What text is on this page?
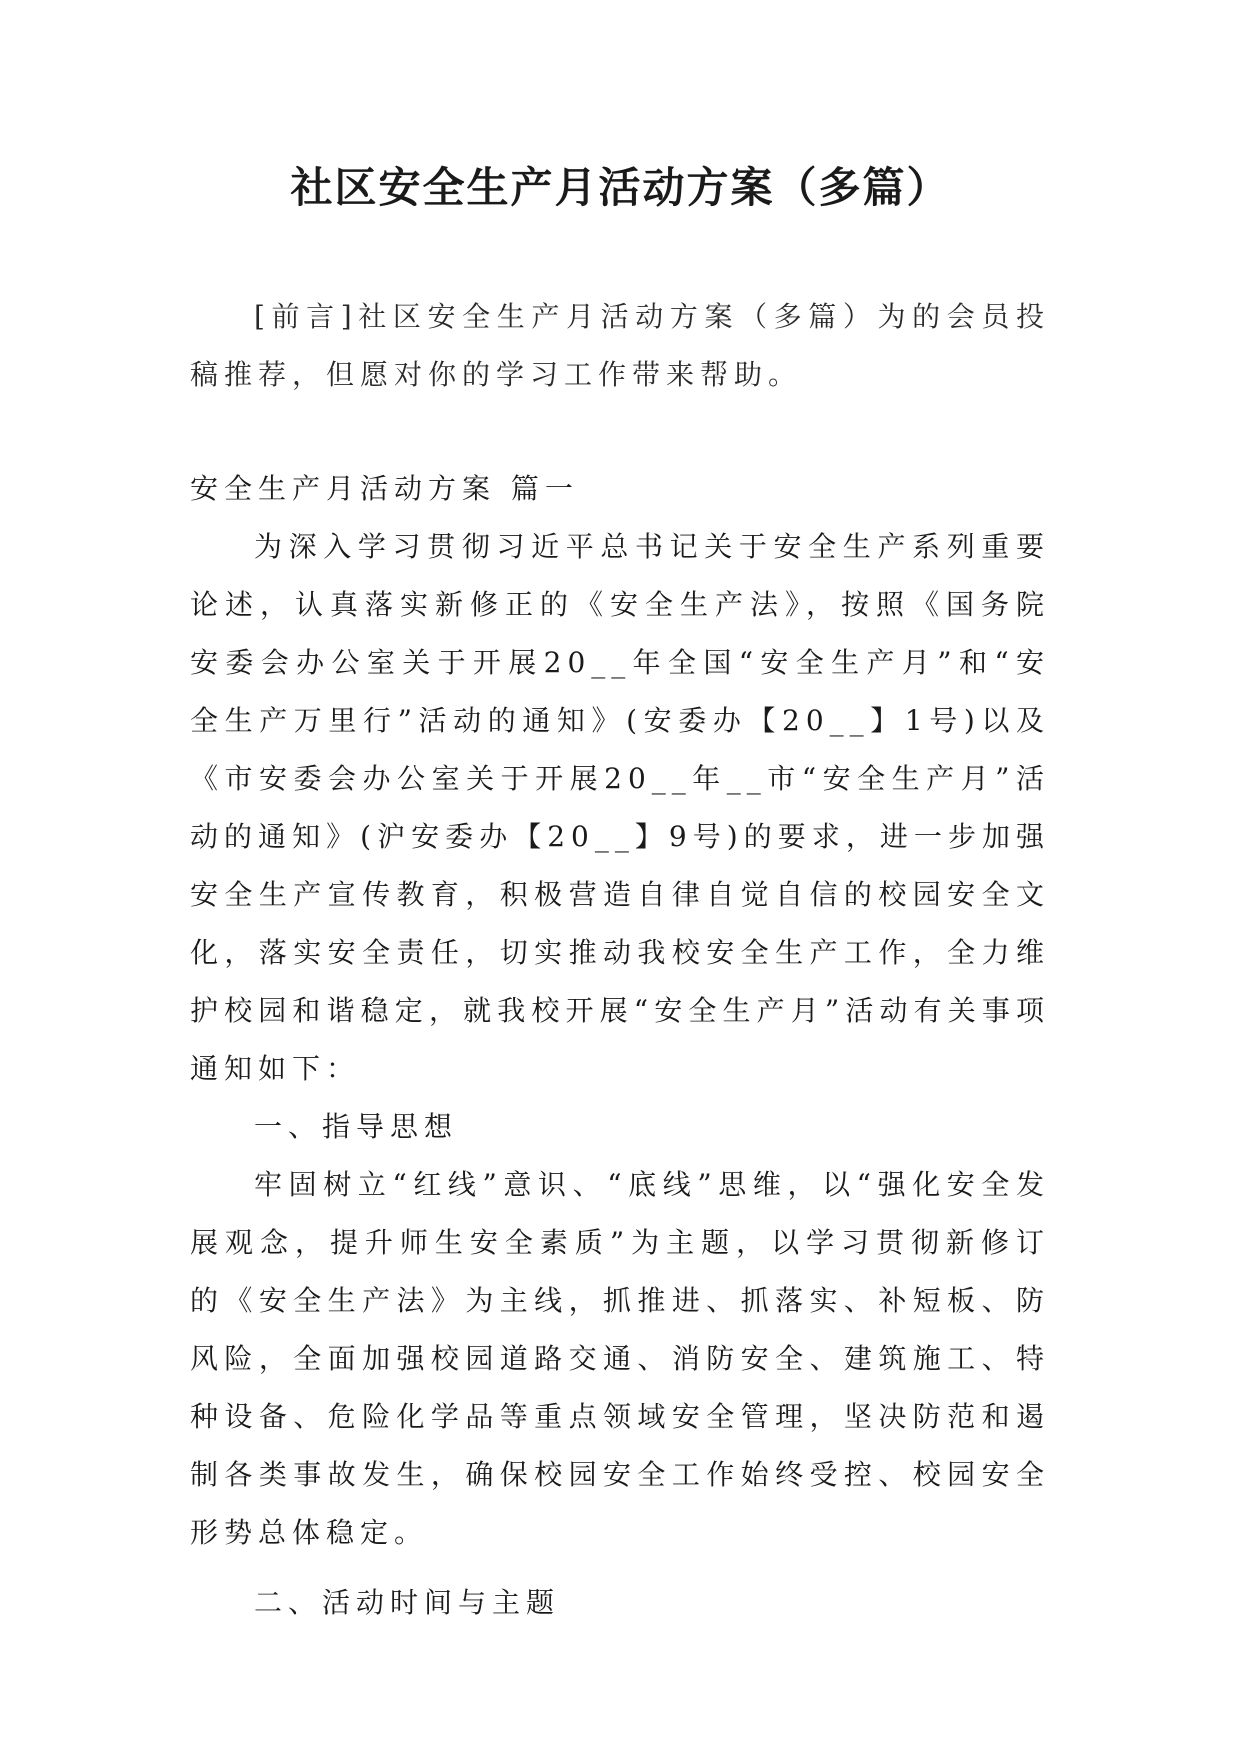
社区安全生产月活动方案（多篇）

[前言]社区安全生产月活动方案（多篇）为的会员投稿推荐，但愿对你的学习工作带来帮助。

安全生产月活动方案 篇一

为深入学习贯彻习近平总书记关于安全生产系列重要论述，认真落实新修正的《安全生产法》，按照《国务院安委会办公室关于开展20__年全国“安全生产月”和“安全生产万里行”活动的通知》(安委办【20__】1号)以及《市安委会办公室关于开展20__年__市“安全生产月”活动的通知》(沪安委办【20__】9号)的要求，进一步加强安全生产宣传教育，积极营造自律自觉自信的校园安全文化，落实安全责任，切实推动我校安全生产工作，全力维护校园和谐稳定，就我校开展“安全生产月”活动有关事项通知如下：

一、指导思想

牢固树立“红线”意识、“底线”思维，以“强化安全发展观念，提升师生安全素质”为主题，以学习贯彻新修订的《安全生产法》为主线，抓推进、抓落实、补短板、防风险，全面加强校园道路交通、消防安全、建筑施工、特种设备、危险化学品等重点领域安全管理，坚决防范和遏制各类事故发生，确保校园安全工作始终受控、校园安全形势总体稳定。

二、活动时间与主题
